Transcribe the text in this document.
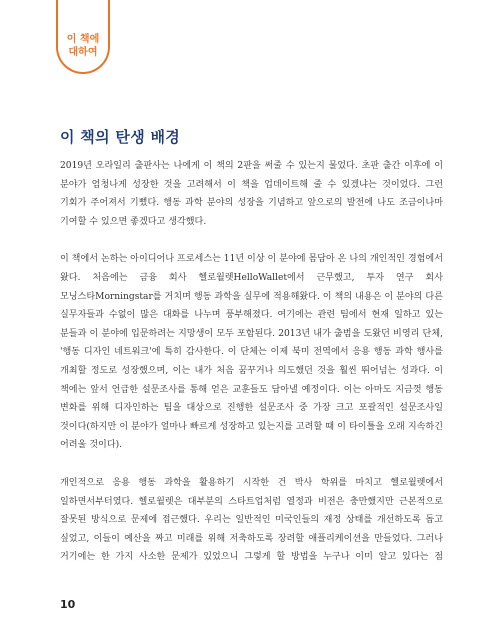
이 책에
대하여
이 책의 탄생 배경

2019년 오라일리 출판사는 나에게 이 책의 2판을 써줄 수 있는지 물었다. 초판 출간 이후에 이 분야가 엄청나게 성장한 것을 고려해서 이 책을 업데이트해 줄 수 있겠냐는 것이었다. 그런 기회가 주어져서 기뻤다. 행동 과학 분야의 성장을 기념하고 앞으로의 발전에 나도 조금이나마 기여할 수 있으면 좋겠다고 생각했다.

이 책에서 논하는 아이디어나 프로세스는 11년 이상 이 분야에 몸담아 온 나의 개인적인 경험에서 왔다. 처음에는 금융 회사 헬로월렛HelloWallet에서 근무했고, 투자 연구 회사 모닝스타Morningstar를 거치며 행동 과학을 실무에 적용해왔다. 이 책의 내용은 이 분야의 다른 실무자들과 수없이 많은 대화를 나누며 풍부해졌다. 여기에는 관련 팀에서 현재 일하고 있는 분들과 이 분야에 입문하려는 지망생이 모두 포함된다. 2013년 내가 출범을 도왔던 비영리 단체, '행동 디자인 네트워크'에 특히 감사한다. 이 단체는 이제 북미 전역에서 응용 행동 과학 행사를 개최할 정도로 성장했으며, 이는 내가 처음 꿈꾸거나 의도했던 것을 훨씬 뛰어넘는 성과다. 이 책에는 앞서 언급한 설문조사를 통해 얻은 교훈들도 담아낼 예정이다. 이는 아마도 지금껏 행동 변화를 위해 디자인하는 팀을 대상으로 진행한 설문조사 중 가장 크고 포괄적인 설문조사일 것이다(하지만 이 분야가 얼마나 빠르게 성장하고 있는지를 고려할 때 이 타이틀을 오래 지속하긴 어려울 것이다).

개인적으로 응용 행동 과학을 활용하기 시작한 건 박사 학위를 마치고 헬로월렛에서 일하면서부터였다. 헬로월렛은 대부분의 스타트업처럼 열정과 비전은 충만했지만 근본적으로 잘못된 방식으로 문제에 접근했다. 우리는 일반적인 미국인들의 재정 상태를 개선하도록 돕고 싶었고, 이들이 예산을 짜고 미래를 위해 저축하도록 장려할 애플리케이션을 만들었다. 그러나 거기에는 한 가지 사소한 문제가 있었으니 그렇게 할 방법을 누구나 이미 알고 있다는 점

10
